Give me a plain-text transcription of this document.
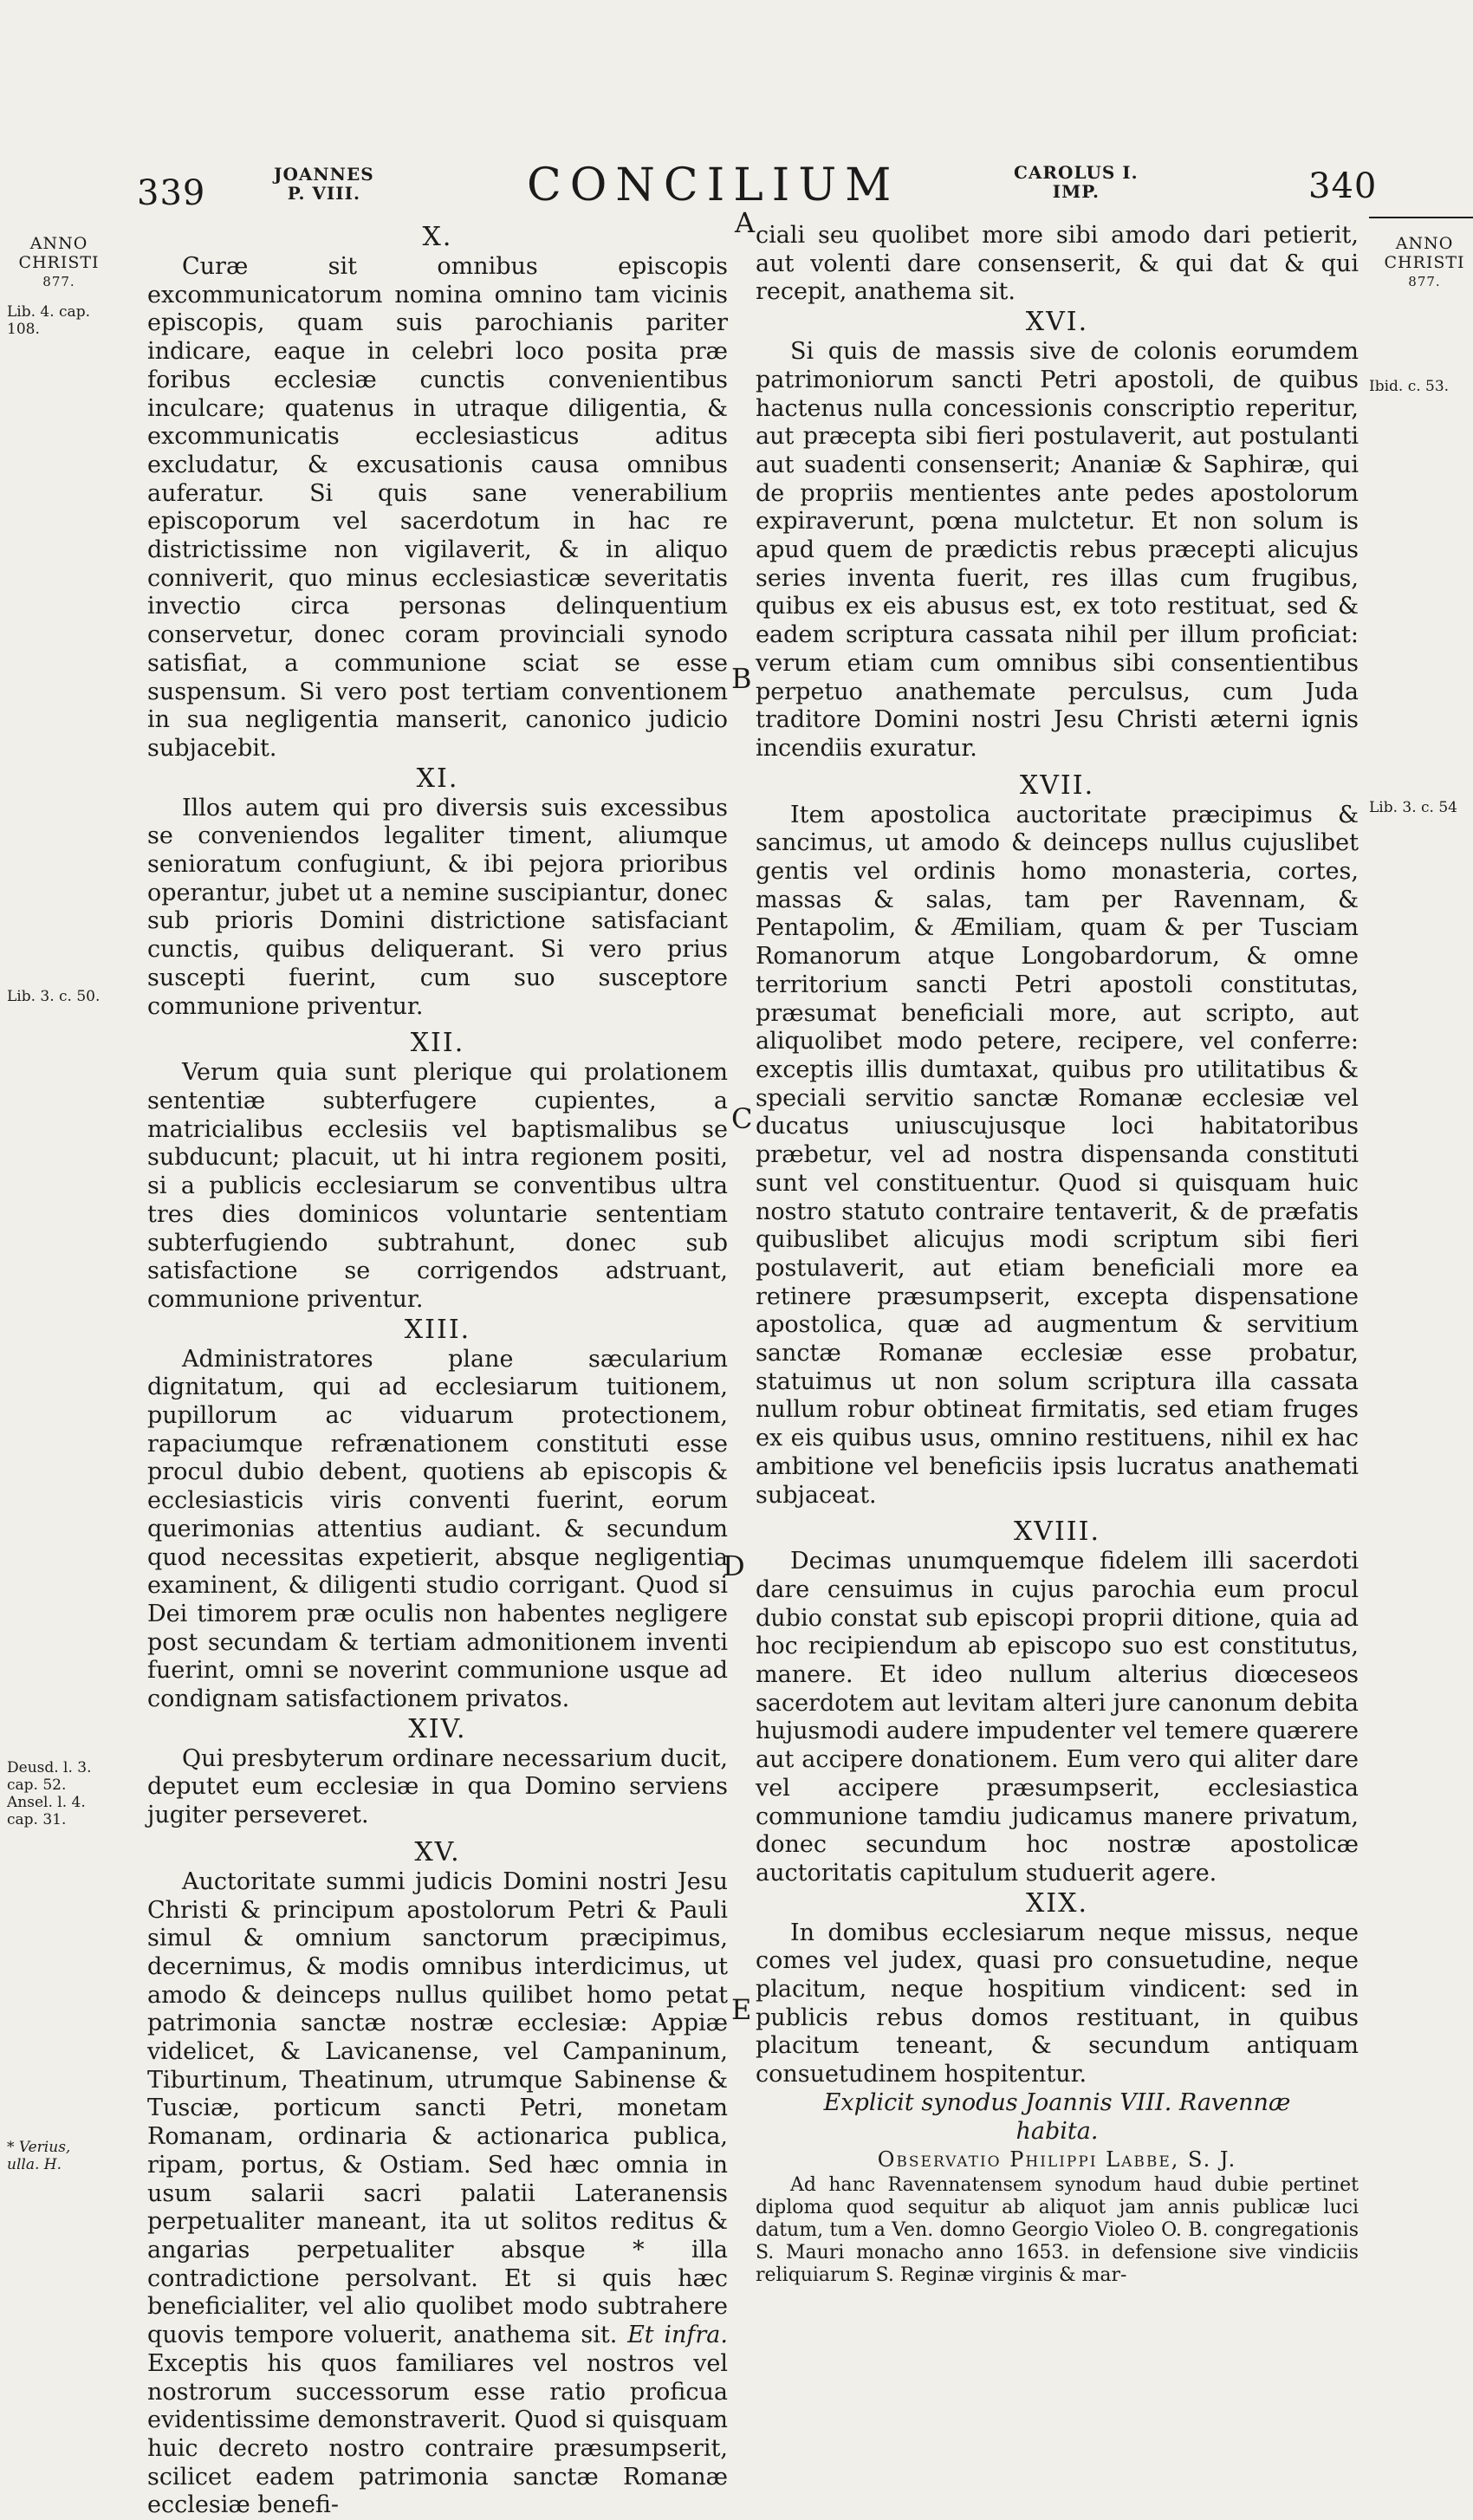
339	JOANNES
P. VIII.	CONCILIUM	CAROLUS I.
IMP.	340
ANNO
CHRISTI
877.
Lib. 4. cap. 108.
Lib. 3. c. 50.
Deusd. l. 3. cap. 52. Ansel. l. 4. cap. 31.
* Verius, ulla. H.
ANNO
CHRISTI
877.
Ibid. c. 53.
Lib. 3. c. 54
A
B
C
D
E
X.

Curæ sit omnibus episcopis excommunicatorum nomina omnino tam vicinis episcopis, quam suis parochianis pariter indicare, eaque in celebri loco posita præ foribus ecclesiæ cunctis convenientibus inculcare; quatenus in utraque diligentia, & excommunicatis ecclesiasticus aditus excludatur, & excusationis causa omnibus auferatur. Si quis sane venerabilium episcoporum vel sacerdotum in hac re districtissime non vigilaverit, & in aliquo conniverit, quo minus ecclesiasticæ severitatis invectio circa personas delinquentium conservetur, donec coram provinciali synodo satisfiat, a communione sciat se esse suspensum. Si vero post tertiam conventionem in sua negligentia manserit, canonico judicio subjacebit.

XI.

Illos autem qui pro diversis suis excessibus se conveniendos legaliter timent, aliumque senioratum confugiunt, & ibi pejora prioribus operantur, jubet ut a nemine suscipiantur, donec sub prioris Domini districtione satisfaciant cunctis, quibus deliquerant. Si vero prius suscepti fuerint, cum suo susceptore communione priventur.

XII.

Verum quia sunt plerique qui prolationem sententiæ subterfugere cupientes, a matricialibus ecclesiis vel baptismalibus se subducunt; placuit, ut hi intra regionem positi, si a publicis ecclesiarum se conventibus ultra tres dies dominicos voluntarie sententiam subterfugiendo subtrahunt, donec sub satisfactione se corrigendos adstruant, communione priventur.

XIII.

Administratores plane sæcularium dignitatum, qui ad ecclesiarum tuitionem, pupillorum ac viduarum protectionem, rapaciumque refrænationem constituti esse procul dubio debent, quotiens ab episcopis & ecclesiasticis viris conventi fuerint, eorum querimonias attentius audiant. & secundum quod necessitas expetierit, absque negligentia examinent, & diligenti studio corrigant. Quod si Dei timorem præ oculis non habentes negligere post secundam & tertiam admonitionem inventi fuerint, omni se noverint communione usque ad condignam satisfactionem privatos.

XIV.

Qui presbyterum ordinare necessarium ducit, deputet eum ecclesiæ in qua Domino serviens jugiter perseveret.

XV.

Auctoritate summi judicis Domini nostri Jesu Christi & principum apostolorum Petri & Pauli simul & omnium sanctorum præcipimus, decernimus, & modis omnibus interdicimus, ut amodo & deinceps nullus quilibet homo petat patrimonia sanctæ nostræ ecclesiæ: Appiæ videlicet, & Lavicanense, vel Campaninum, Tiburtinum, Theatinum, utrumque Sabinense & Tusciæ, porticum sancti Petri, monetam Romanam, ordinaria & actionarica publica, ripam, portus, & Ostiam. Sed hæc omnia in usum salarii sacri palatii Lateranensis perpetualiter maneant, ita ut solitos reditus & angarias perpetualiter absque * illa contradictione persolvant. Et si quis hæc beneficialiter, vel alio quolibet modo subtrahere quovis tempore voluerit, anathema sit. Et infra. Exceptis his quos familiares vel nostros vel nostrorum successorum esse ratio proficua evidentissime demonstraverit. Quod si quisquam huic decreto nostro contraire præsumpserit, scilicet eadem patrimonia sanctæ Romanæ ecclesiæ benefi-

ciali seu quolibet more sibi amodo dari petierit, aut volenti dare consenserit, & qui dat & qui recepit, anathema sit.

XVI.

Si quis de massis sive de colonis eorumdem patrimoniorum sancti Petri apostoli, de quibus hactenus nulla concessionis conscriptio reperitur, aut præcepta sibi fieri postulaverit, aut postulanti aut suadenti consenserit; Ananiæ & Saphiræ, qui de propriis mentientes ante pedes apostolorum expiraverunt, pœna mulctetur. Et non solum is apud quem de prædictis rebus præcepti alicujus series inventa fuerit, res illas cum frugibus, quibus ex eis abusus est, ex toto restituat, sed & eadem scriptura cassata nihil per illum proficiat: verum etiam cum omnibus sibi consentientibus perpetuo anathemate perculsus, cum Juda traditore Domini nostri Jesu Christi æterni ignis incendiis exuratur.

XVII.

Item apostolica auctoritate præcipimus & sancimus, ut amodo & deinceps nullus cujuslibet gentis vel ordinis homo monasteria, cortes, massas & salas, tam per Ravennam, & Pentapolim, & Æmiliam, quam & per Tusciam Romanorum atque Longobardorum, & omne territorium sancti Petri apostoli constitutas, præsumat beneficiali more, aut scripto, aut aliquolibet modo petere, recipere, vel conferre: exceptis illis dumtaxat, quibus pro utilitatibus & speciali servitio sanctæ Romanæ ecclesiæ vel ducatus uniuscujusque loci habitatoribus præbetur, vel ad nostra dispensanda constituti sunt vel constituentur. Quod si quisquam huic nostro statuto contraire tentaverit, & de præfatis quibuslibet alicujus modi scriptum sibi fieri postulaverit, aut etiam beneficiali more ea retinere præsumpserit, excepta dispensatione apostolica, quæ ad augmentum & servitium sanctæ Romanæ ecclesiæ esse probatur, statuimus ut non solum scriptura illa cassata nullum robur obtineat firmitatis, sed etiam fruges ex eis quibus usus, omnino restituens, nihil ex hac ambitione vel beneficiis ipsis lucratus anathemati subjaceat.

XVIII.

Decimas unumquemque fidelem illi sacerdoti dare censuimus in cujus parochia eum procul dubio constat sub episcopi proprii ditione, quia ad hoc recipiendum ab episcopo suo est constitutus, manere. Et ideo nullum alterius diœceseos sacerdotem aut levitam alteri jure canonum debita hujusmodi audere impudenter vel temere quærere aut accipere donationem. Eum vero qui aliter dare vel accipere præsumpserit, ecclesiastica communione tamdiu judicamus manere privatum, donec secundum hoc nostræ apostolicæ auctoritatis capitulum studuerit agere.

XIX.

In domibus ecclesiarum neque missus, neque comes vel judex, quasi pro consuetudine, neque placitum, neque hospitium vindicent: sed in publicis rebus domos restituant, in quibus placitum teneant, & secundum antiquam consuetudinem hospitentur.

Explicit synodus Joannis VIII. Ravennæ
habita.

Observatio Philippi Labbe, S. J.

Ad hanc Ravennatensem synodum haud dubie pertinet diploma quod sequitur ab aliquot jam annis publicæ luci datum, tum a Ven. domno Georgio Violeo O. B. congregationis S. Mauri monacho anno 1653. in defensione sive vindiciis reliquiarum S. Reginæ virginis & mar-
